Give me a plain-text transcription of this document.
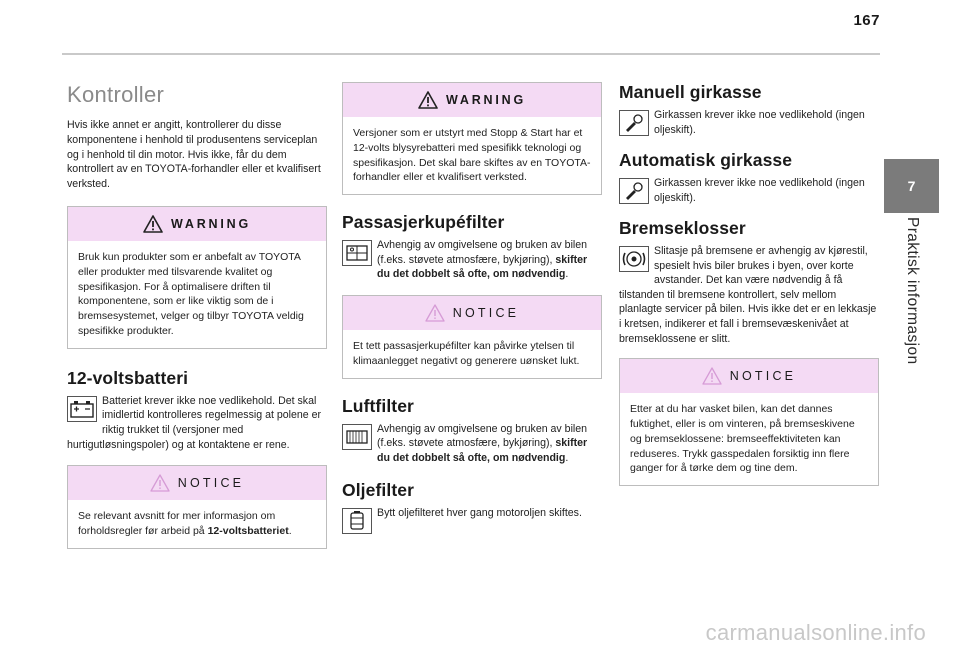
167
7
Praktisk informasjon
Kontroller

Hvis ikke annet er angitt, kontrollerer du disse komponentene i henhold til produsentens serviceplan og i henhold til din motor. Hvis ikke, får du dem kontrollert av en TOYOTA-forhandler eller et kvalifisert verksted.

WARNING

Bruk kun produkter som er anbefalt av TOYOTA eller produkter med tilsvarende kvalitet og spesifikasjon. For å optimalisere driften til komponentene, som er like viktig som de i bremsesystemet, velger og tilbyr TOYOTA veldig spesifikke produkter.

12-voltsbatteri

Batteriet krever ikke noe vedlikehold. Det skal imidlertid kontrolleres regelmessig at polene er riktig trukket til (versjoner med hurtigutløsningspoler) og at kontaktene er rene.

NOTICE

Se relevant avsnitt for mer informasjon om forholdsregler før arbeid på 12-voltsbatteriet.

WARNING

Versjoner som er utstyrt med Stopp & Start har et 12-volts blysyrebatteri med spesifikk teknologi og spesifikasjon. Det skal bare skiftes av en TOYOTA-forhandler eller et kvalifisert verksted.

Passasjerkupéfilter

Avhengig av omgivelsene og bruken av bilen (f.eks. støvete atmosfære, bykjøring), skifter du det dobbelt så ofte, om nødvendig.

NOTICE

Et tett passasjerkupéfilter kan påvirke ytelsen til klimaanlegget negativt og generere uønsket lukt.

Luftfilter

Avhengig av omgivelsene og bruken av bilen (f.eks. støvete atmosfære, bykjøring), skifter du det dobbelt så ofte, om nødvendig.

Oljefilter

Bytt oljefilteret hver gang motoroljen skiftes.

Manuell girkasse

Girkassen krever ikke noe vedlikehold (ingen oljeskift).

Automatisk girkasse

Girkassen krever ikke noe vedlikehold (ingen oljeskift).

Bremseklosser

Slitasje på bremsene er avhengig av kjørestil, spesielt hvis biler brukes i byen, over korte avstander. Det kan være nødvendig å få tilstanden til bremsene kontrollert, selv mellom planlagte servicer på bilen. Hvis ikke det er en lekkasje i kretsen, indikerer et fall i bremsevæskenivået at bremseklossene er slitt.

NOTICE

Etter at du har vasket bilen, kan det dannes fuktighet, eller is om vinteren, på bremseskivene og bremseklossene: bremseeffektiviteten kan reduseres. Trykk gasspedalen forsiktig inn flere ganger for å tørke dem og tine dem.

carmanualsonline.info
